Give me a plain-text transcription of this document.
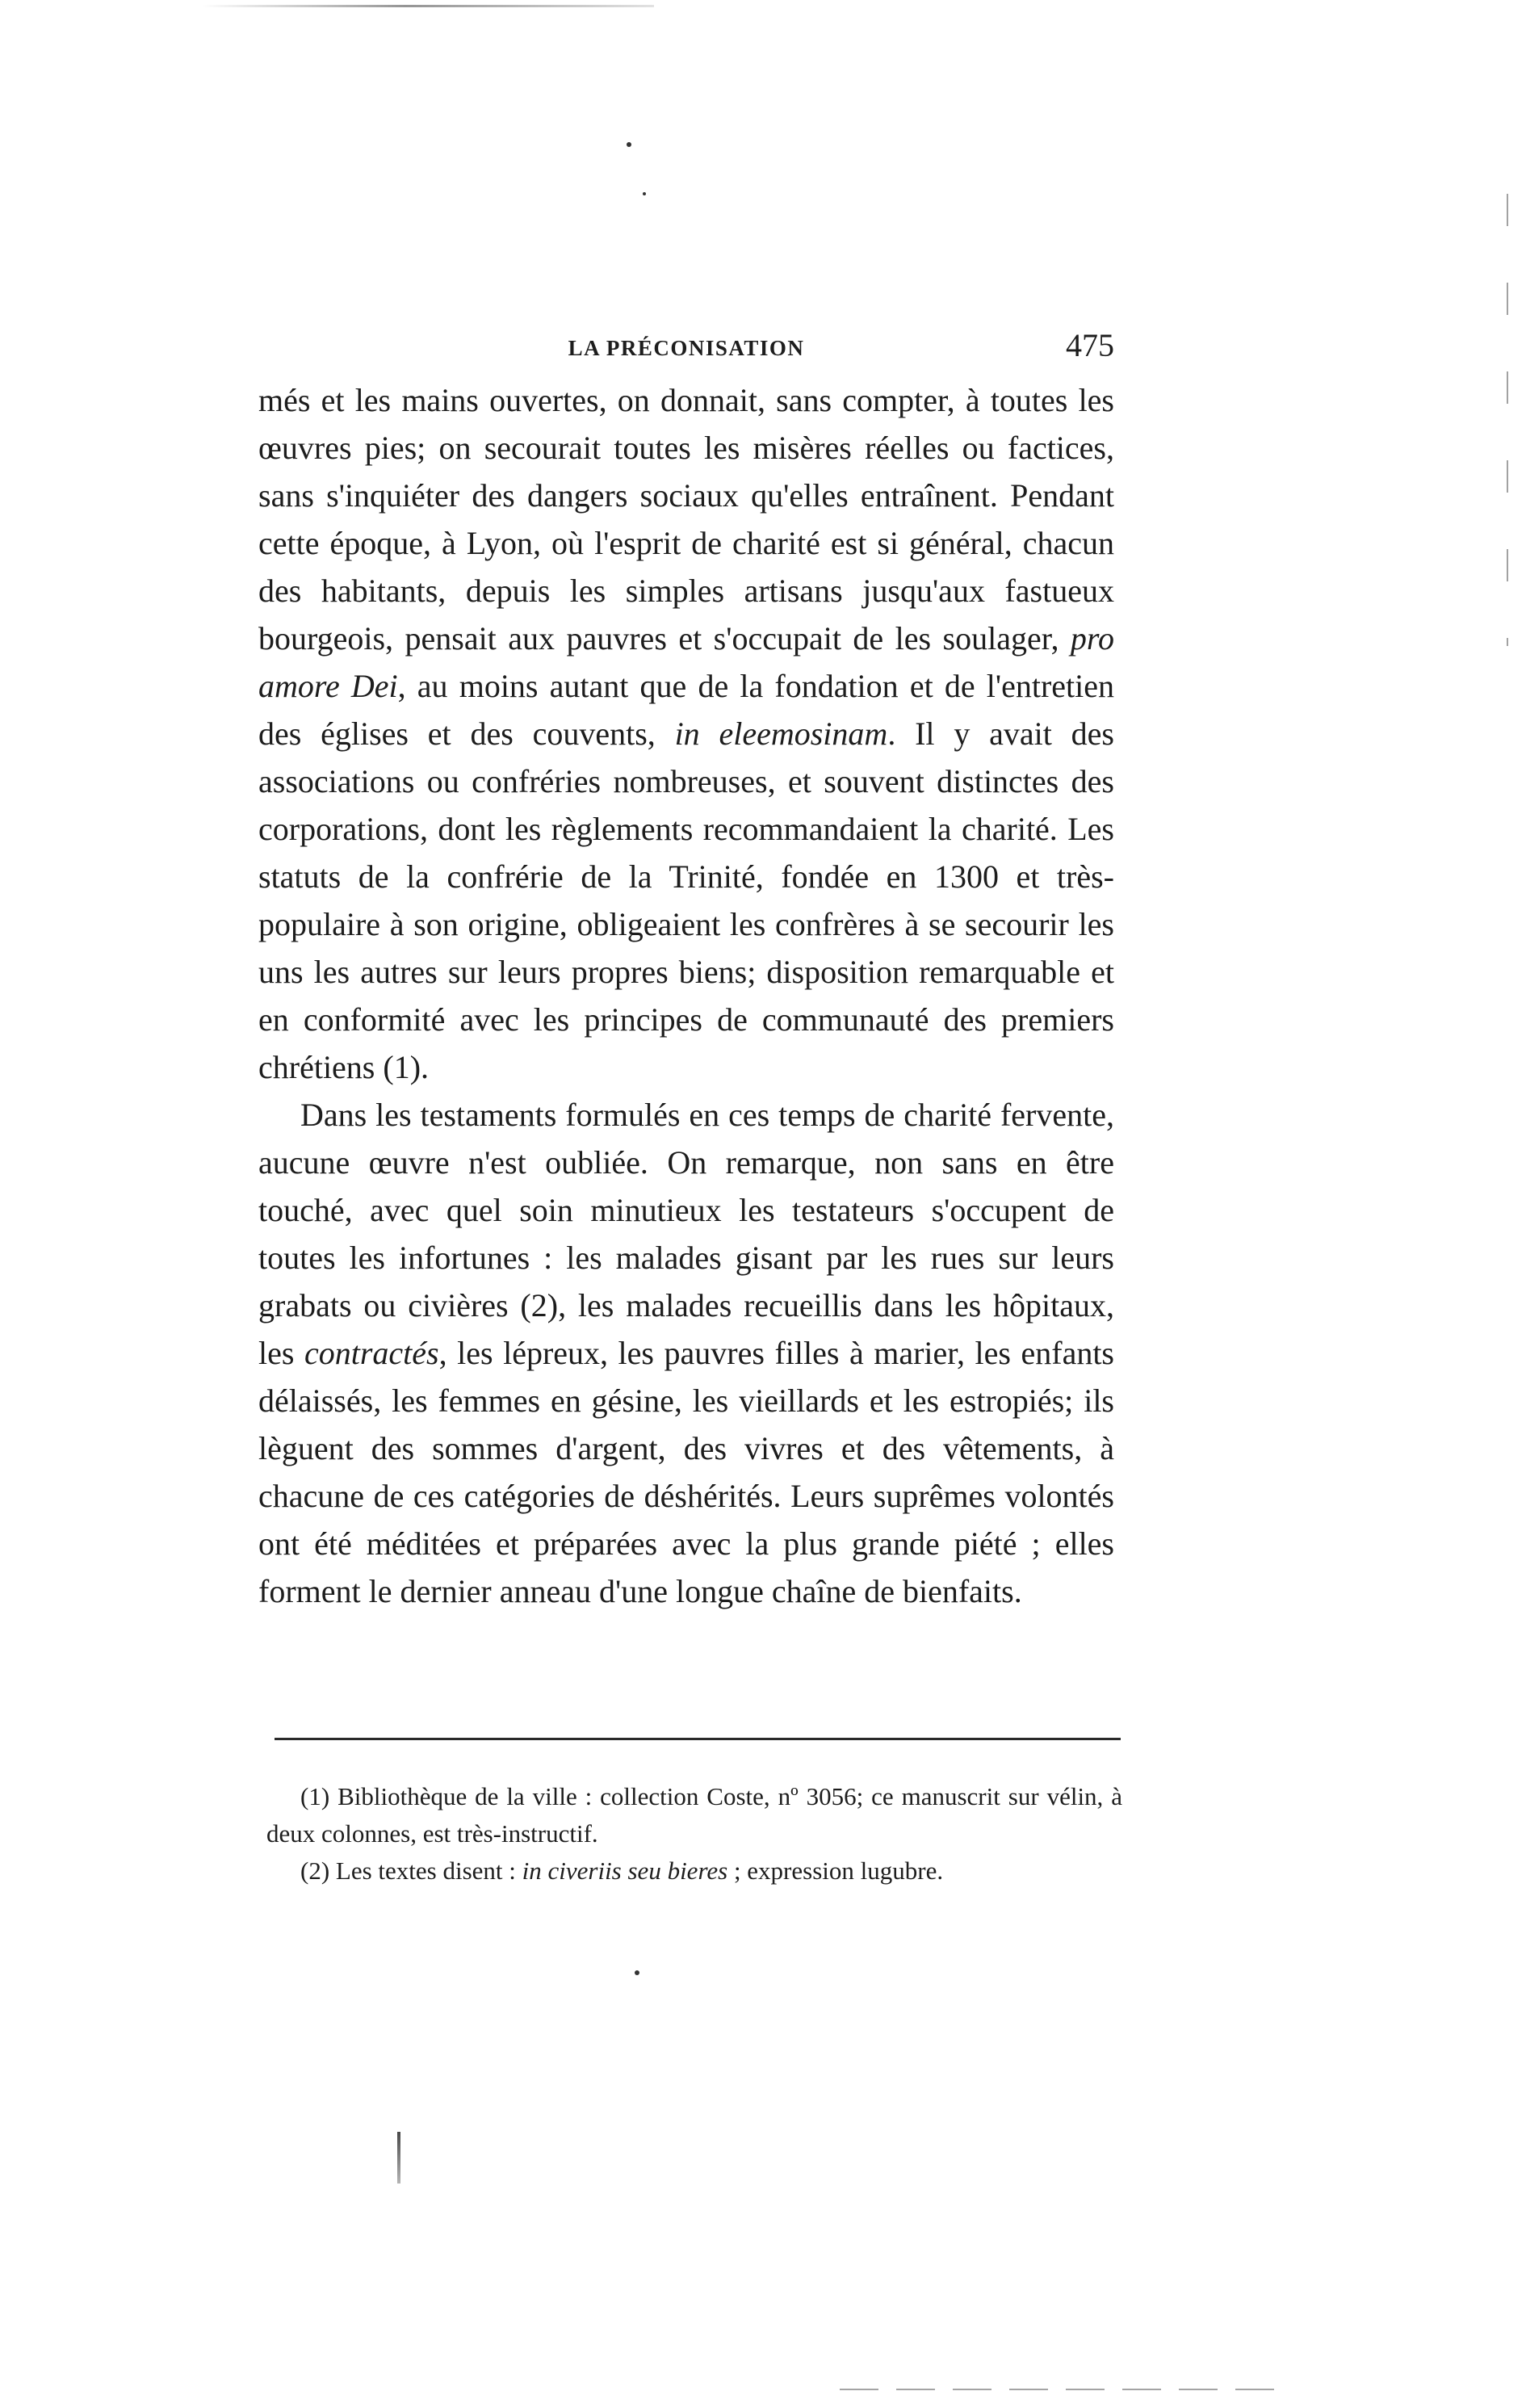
LA PRÉCONISATION	475

més et les mains ouvertes, on donnait, sans compter, à toutes les œuvres pies; on secourait toutes les misères réelles ou factices, sans s'inquiéter des dangers sociaux qu'elles entraînent. Pendant cette époque, à Lyon, où l'esprit de charité est si général, chacun des habitants, depuis les simples artisans jusqu'aux fastueux bourgeois, pensait aux pauvres et s'occupait de les soulager, pro amore Dei, au moins autant que de la fondation et de l'entretien des églises et des couvents, in eleemosinam. Il y avait des associations ou confréries nombreuses, et souvent distinctes des corporations, dont les règlements recommandaient la charité. Les statuts de la confrérie de la Trinité, fondée en 1300 et très-populaire à son origine, obligeaient les confrères à se secourir les uns les autres sur leurs propres biens; disposition remarquable et en conformité avec les principes de communauté des premiers chrétiens (1).

Dans les testaments formulés en ces temps de charité fervente, aucune œuvre n'est oubliée. On remarque, non sans en être touché, avec quel soin minutieux les testateurs s'occupent de toutes les infortunes : les malades gisant par les rues sur leurs grabats ou civières (2), les malades recueillis dans les hôpitaux, les contractés, les lépreux, les pauvres filles à marier, les enfants délaissés, les femmes en gésine, les vieillards et les estropiés; ils lèguent des sommes d'argent, des vivres et des vêtements, à chacune de ces catégories de déshérités. Leurs suprêmes volontés ont été méditées et préparées avec la plus grande piété ; elles forment le dernier anneau d'une longue chaîne de bienfaits.

(1) Bibliothèque de la ville : collection Coste, nº 3056; ce manuscrit sur vélin, à deux colonnes, est très-instructif.

(2) Les textes disent : in civeriis seu bieres ; expression lugubre.
